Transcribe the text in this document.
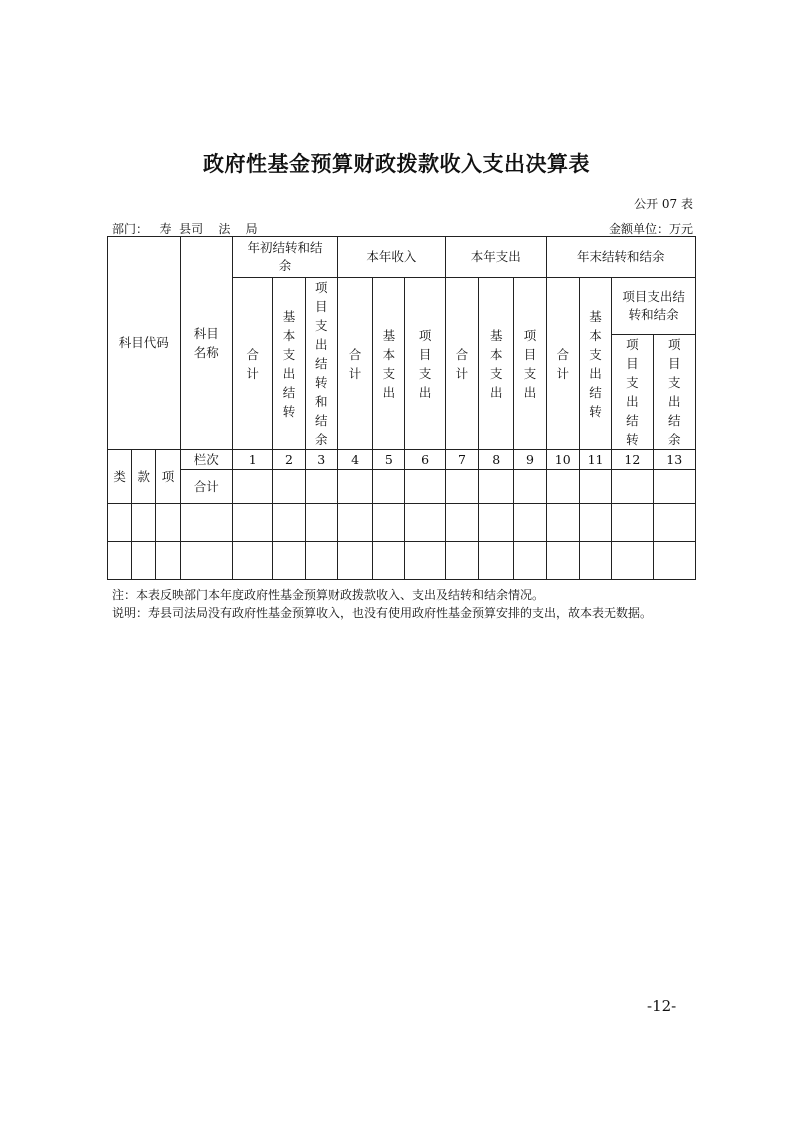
政府性基金预算财政拨款收入支出决算表
公开 07 表
部门：   寿  县司    法    局	金额单位：万元
科目代码			科目名称	年初结转和结余			本年收入			本年支出			年末结转和结余			
				合计	基本支出结转	项目支出结转和结余	合计	基本支出	项目支出	合计	基本支出	项目支出	合计	基本支出结转	项目支出结转和结余	
															项目支出结转	项目支出结余
类	款	项	栏次	1	2	3	4	5	6	7	8	9	10	11	12	13
			合计													

注：本表反映部门本年度政府性基金预算财政拨款收入、支出及结转和结余情况。
说明：寿县司法局没有政府性基金预算收入，也没有使用政府性基金预算安排的支出，故本表无数据。
-12-
